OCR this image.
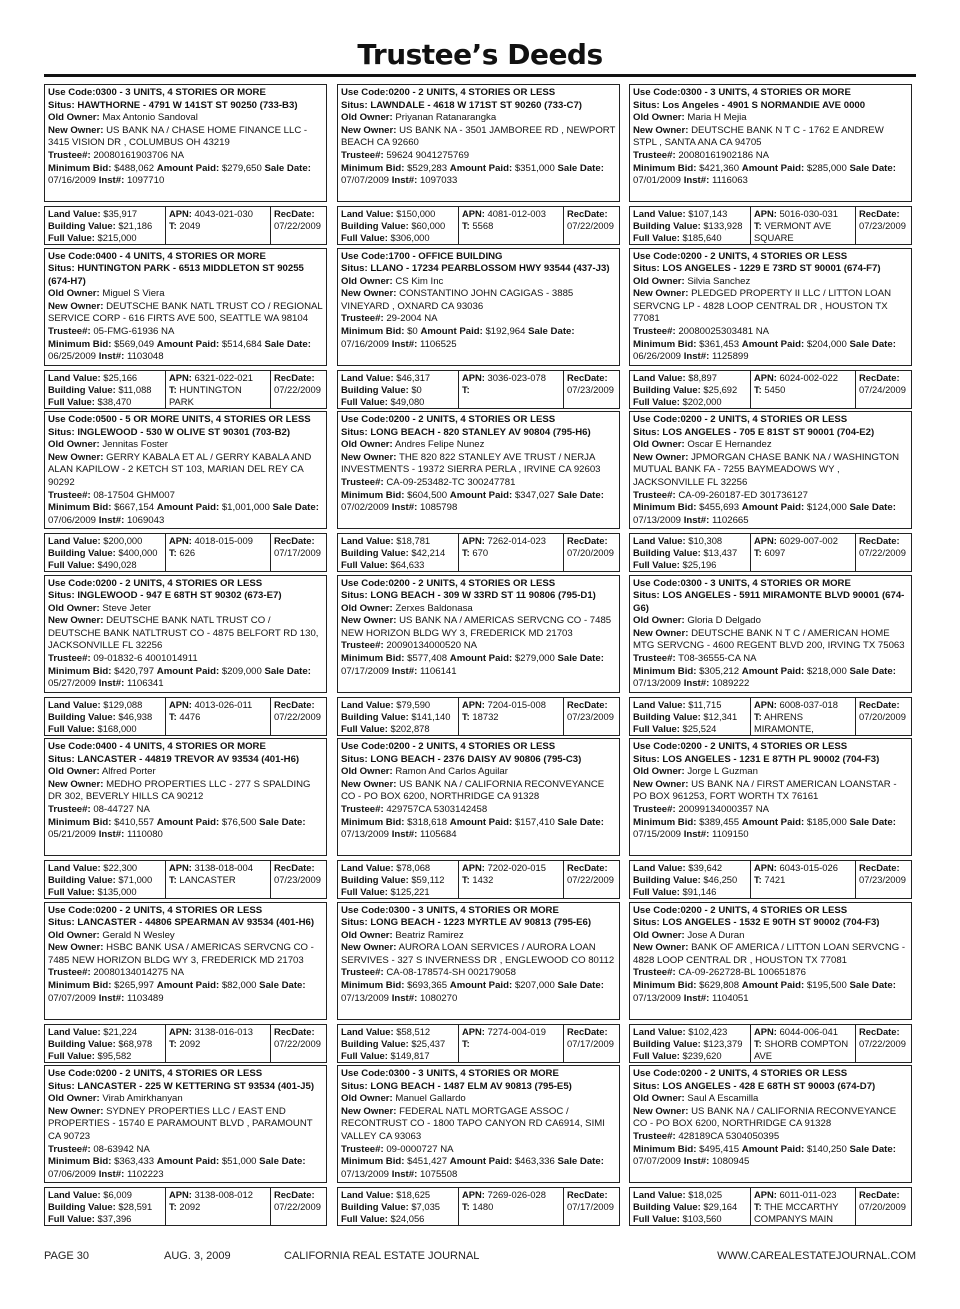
Trustee’s Deeds
Use Code:0300 - 3 UNITS, 4 STORIES OR MORE
Situs: HAWTHORNE - 4791 W 141ST ST 90250 (733-B3)
Old Owner: Max Antonio Sandoval
New Owner: US BANK NA / CHASE HOME FINANCE LLC - 3415 VISION DR , COLUMBUS OH 43219
Trustee#: 20080161903706 NA
Minimum Bid: $488,062 Amount Paid: $279,650 Sale Date: 07/16/2009 Inst#: 1097710
Land Value: $35,917
Building Value: $21,186
Full Value: $215,000
APN: 4043-021-030
T: 2049
RecDate:
07/22/2009
Use Code:0400 - 4 UNITS, 4 STORIES OR MORE
Situs: HUNTINGTON PARK - 6513 MIDDLETON ST 90255 (674-H7)
Old Owner: Miguel S Viera
New Owner: DEUTSCHE BANK NATL TRUST CO / REGIONAL SERVICE CORP - 616 FIRTS AVE 500, SEATTLE WA 98104
Trustee#: 05-FMG-61936 NA
Minimum Bid: $569,049 Amount Paid: $514,684 Sale Date: 06/25/2009 Inst#: 1103048
Land Value: $25,166
Building Value: $11,088
Full Value: $38,470
APN: 6321-022-021
T: HUNTINGTON PARK
RecDate:
07/22/2009
Use Code:0500 - 5 OR MORE UNITS, 4 STORIES OR LESS
Situs: INGLEWOOD - 530 W OLIVE ST 90301 (703-B2)
Old Owner: Jennitas Foster
New Owner: GERRY KABALA ET AL / GERRY KABALA AND ALAN KAPILOW - 2 KETCH ST 103, MARIAN DEL REY CA 90292
Trustee#: 08-17504 GHM007
Minimum Bid: $667,154 Amount Paid: $1,001,000 Sale Date: 07/06/2009 Inst#: 1069043
Land Value: $200,000
Building Value: $400,000
Full Value: $490,028
APN: 4018-015-009
T: 626
RecDate:
07/17/2009
Use Code:0200 - 2 UNITS, 4 STORIES OR LESS
Situs: INGLEWOOD - 947 E 68TH ST 90302 (673-E7)
Old Owner: Steve Jeter
New Owner: DEUTSCHE BANK NATL TRUST CO / DEUTSCHE BANK NATLTRUST CO - 4875 BELFORT RD 130, JACKSONVILLE FL 32256
Trustee#: 09-01832-6 4001014911
Minimum Bid: $420,797 Amount Paid: $209,000 Sale Date: 05/27/2009 Inst#: 1106341
Land Value: $129,088
Building Value: $46,938
Full Value: $168,000
APN: 4013-026-011
T: 4476
RecDate:
07/22/2009
Use Code:0400 - 4 UNITS, 4 STORIES OR MORE
Situs: LANCASTER - 44819 TREVOR AV 93534 (401-H6)
Old Owner: Alfred Porter
New Owner: MEDHO PROPERTIES LLC - 277 S SPALDING DR 302, BEVERLY HILLS CA 90212
Trustee#: 08-44727 NA
Minimum Bid: $410,557 Amount Paid: $76,500 Sale Date: 05/21/2009 Inst#: 1110080
Land Value: $22,300
Building Value: $71,000
Full Value: $135,000
APN: 3138-018-004
T: LANCASTER
RecDate:
07/23/2009
Use Code:0200 - 2 UNITS, 4 STORIES OR LESS
Situs: LANCASTER - 44806 SPEARMAN AV 93534 (401-H6)
Old Owner: Gerald N Wesley
New Owner: HSBC BANK USA / AMERICAS SERVCNG CO - 7485 NEW HORIZON BLDG WY 3, FREDERICK MD 21703
Trustee#: 20080134014275 NA
Minimum Bid: $265,997 Amount Paid: $82,000 Sale Date: 07/07/2009 Inst#: 1103489
Land Value: $21,224
Building Value: $68,978
Full Value: $95,582
APN: 3138-016-013
T: 2092
RecDate:
07/22/2009
Use Code:0200 - 2 UNITS, 4 STORIES OR LESS
Situs: LANCASTER - 225 W KETTERING ST 93534 (401-J5)
Old Owner: Virab Amirkhanyan
New Owner: SYDNEY PROPERTIES LLC / EAST END PROPERTIES - 15740 E PARAMOUNT BLVD , PARAMOUNT CA 90723
Trustee#: 08-63942 NA
Minimum Bid: $363,433 Amount Paid: $51,000 Sale Date: 07/06/2009 Inst#: 1102223
Land Value: $6,009
Building Value: $28,591
Full Value: $37,396
APN: 3138-008-012
T: 2092
RecDate:
07/22/2009
Use Code:0200 - 2 UNITS, 4 STORIES OR LESS
Situs: LAWNDALE - 4618 W 171ST ST 90260 (733-C7)
Old Owner: Priyanan Ratanarangka
New Owner: US BANK NA - 3501 JAMBOREE RD , NEWPORT BEACH CA 92660
Trustee#: 59624 9041275769
Minimum Bid: $529,283 Amount Paid: $351,000 Sale Date: 07/07/2009 Inst#: 1097033
Land Value: $150,000
Building Value: $60,000
Full Value: $306,000
APN: 4081-012-003
T: 5568
RecDate:
07/22/2009
Use Code:1700 - OFFICE BUILDING
Situs: LLANO - 17234 PEARBLOSSOM HWY 93544 (437-J3)
Old Owner: CS Kim Inc
New Owner: CONSTANTINO JOHN CAGIGAS - 3885 VINEYARD , OXNARD CA 93036
Trustee#: 29-2004 NA
Minimum Bid: $0 Amount Paid: $192,964 Sale Date: 07/16/2009 Inst#: 1106525
Land Value: $46,317
Building Value: $0
Full Value: $49,080
APN: 3036-023-078
T:
RecDate:
07/23/2009
Use Code:0200 - 2 UNITS, 4 STORIES OR LESS
Situs: LONG BEACH - 820 STANLEY AV 90804 (795-H6)
Old Owner: Andres Felipe Nunez
New Owner: THE 820 822 STANLEY AVE TRUST / NERJA INVESTMENTS - 19372 SIERRA PERLA , IRVINE CA 92603
Trustee#: CA-09-253482-TC 300247781
Minimum Bid: $604,500 Amount Paid: $347,027 Sale Date: 07/02/2009 Inst#: 1085798
Land Value: $18,781
Building Value: $42,214
Full Value: $64,633
APN: 7262-014-023
T: 670
RecDate:
07/20/2009
Use Code:0200 - 2 UNITS, 4 STORIES OR LESS
Situs: LONG BEACH - 309 W 33RD ST 11 90806 (795-D1)
Old Owner: Zerxes Baldonasa
New Owner: US BANK NA / AMERICAS SERVCNG CO - 7485 NEW HORIZON BLDG WY 3, FREDERICK MD 21703
Trustee#: 20090134000520 NA
Minimum Bid: $577,408 Amount Paid: $279,000 Sale Date: 07/17/2009 Inst#: 1106141
Land Value: $79,590
Building Value: $141,140
Full Value: $202,878
APN: 7204-015-008
T: 18732
RecDate:
07/23/2009
Use Code:0200 - 2 UNITS, 4 STORIES OR LESS
Situs: LONG BEACH - 2376 DAISY AV 90806 (795-C3)
Old Owner: Ramon And Carlos Aguilar
New Owner: US BANK NA / CALIFORNIA RECONVEYANCE CO - PO BOX 6200, NORTHRIDGE CA 91328
Trustee#: 429757CA 5303142458
Minimum Bid: $318,618 Amount Paid: $157,410 Sale Date: 07/13/2009 Inst#: 1105684
Land Value: $78,068
Building Value: $59,112
Full Value: $125,221
APN: 7202-020-015
T: 1432
RecDate:
07/22/2009
Use Code:0300 - 3 UNITS, 4 STORIES OR MORE
Situs: LONG BEACH - 1223 MYRTLE AV 90813 (795-E6)
Old Owner: Beatriz Ramirez
New Owner: AURORA LOAN SERVICES / AURORA LOAN SERVIVES - 327 S INVERNESS DR , ENGLEWOOD CO 80112
Trustee#: CA-08-178574-SH 002179058
Minimum Bid: $693,365 Amount Paid: $207,000 Sale Date: 07/13/2009 Inst#: 1080270
Land Value: $58,512
Building Value: $25,437
Full Value: $149,817
APN: 7274-004-019
T:
RecDate:
07/17/2009
Use Code:0300 - 3 UNITS, 4 STORIES OR MORE
Situs: LONG BEACH - 1487 ELM AV 90813 (795-E5)
Old Owner: Manuel Gallardo
New Owner: FEDERAL NATL MORTGAGE ASSOC / RECONTRUST CO - 1800 TAPO CANYON RD CA6914, SIMI VALLEY CA 93063
Trustee#: 09-0000727 NA
Minimum Bid: $451,427 Amount Paid: $463,336 Sale Date: 07/13/2009 Inst#: 1075508
Land Value: $18,625
Building Value: $7,035
Full Value: $24,056
APN: 7269-026-028
T: 1480
RecDate:
07/17/2009
Use Code:0300 - 3 UNITS, 4 STORIES OR MORE
Situs: Los Angeles - 4901 S NORMANDIE AVE 0000
Old Owner: Maria H Mejia
New Owner: DEUTSCHE BANK N T C - 1762 E ANDREW STPL , SANTA ANA CA 94705
Trustee#: 20080161902186 NA
Minimum Bid: $421,360 Amount Paid: $285,000 Sale Date: 07/01/2009 Inst#: 1116063
Land Value: $107,143
Building Value: $133,928
Full Value: $185,640
APN: 5016-030-031
T: VERMONT AVE SQUARE
RecDate:
07/23/2009
Use Code:0200 - 2 UNITS, 4 STORIES OR LESS
Situs: LOS ANGELES - 1229 E 73RD ST 90001 (674-F7)
Old Owner: Silvia Sanchez
New Owner: PLEDGED PROPERTY II LLC / LITTON LOAN SERVCNG LP - 4828 LOOP CENTRAL DR , HOUSTON TX 77081
Trustee#: 20080025303481 NA
Minimum Bid: $361,453 Amount Paid: $204,000 Sale Date: 06/26/2009 Inst#: 1125899
Land Value: $8,897
Building Value: $25,692
Full Value: $202,000
APN: 6024-002-022
T: 5450
RecDate:
07/24/2009
Use Code:0200 - 2 UNITS, 4 STORIES OR LESS
Situs: LOS ANGELES - 705 E 81ST ST 90001 (704-E2)
Old Owner: Oscar E Hernandez
New Owner: JPMORGAN CHASE BANK NA / WASHINGTON MUTUAL BANK FA - 7255 BAYMEADOWS WY , JACKSONVILLE FL 32256
Trustee#: CA-09-260187-ED 301736127
Minimum Bid: $455,693 Amount Paid: $124,000 Sale Date: 07/13/2009 Inst#: 1102665
Land Value: $10,308
Building Value: $13,437
Full Value: $25,196
APN: 6029-007-002
T: 6097
RecDate:
07/22/2009
Use Code:0300 - 3 UNITS, 4 STORIES OR MORE
Situs: LOS ANGELES - 5911 MIRAMONTE BLVD 90001 (674-G6)
Old Owner: Gloria D Delgado
New Owner: DEUTSCHE BANK N T C / AMERICAN HOME MTG SERVCNG - 4600 REGENT BLVD 200, IRVING TX 75063
Trustee#: T08-36555-CA NA
Minimum Bid: $305,212 Amount Paid: $218,000 Sale Date: 07/13/2009 Inst#: 1089222
Land Value: $11,715
Building Value: $12,341
Full Value: $25,524
APN: 6008-037-018
T: AHRENS MIRAMONTE,
RecDate:
07/20/2009
Use Code:0200 - 2 UNITS, 4 STORIES OR LESS
Situs: LOS ANGELES - 1231 E 87TH PL 90002 (704-F3)
Old Owner: Jorge L Guzman
New Owner: US BANK NA / FIRST AMERICAN LOANSTAR - PO BOX 961253, FORT WORTH TX 76161
Trustee#: 20099134000357 NA
Minimum Bid: $389,455 Amount Paid: $185,000 Sale Date: 07/15/2009 Inst#: 1109150
Land Value: $39,642
Building Value: $46,250
Full Value: $91,146
APN: 6043-015-026
T: 7421
RecDate:
07/23/2009
Use Code:0200 - 2 UNITS, 4 STORIES OR LESS
Situs: LOS ANGELES - 1532 E 90TH ST 90002 (704-F3)
Old Owner: Jose A Duran
New Owner: BANK OF AMERICA / LITTON LOAN SERVCNG - 4828 LOOP CENTRAL DR , HOUSTON TX 77081
Trustee#: CA-09-262728-BL 100651876
Minimum Bid: $629,808 Amount Paid: $195,500 Sale Date: 07/13/2009 Inst#: 1104051
Land Value: $102,423
Building Value: $123,379
Full Value: $239,620
APN: 6044-006-041
T: SHORB COMPTON AVE
RecDate:
07/22/2009
Use Code:0200 - 2 UNITS, 4 STORIES OR LESS
Situs: LOS ANGELES - 428 E 68TH ST 90003 (674-D7)
Old Owner: Saul A Escamilla
New Owner: US BANK NA / CALIFORNIA RECONVEYANCE CO - PO BOX 6200, NORTHRIDGE CA 91328
Trustee#: 428189CA 5304050395
Minimum Bid: $495,415 Amount Paid: $140,250 Sale Date: 07/07/2009 Inst#: 1080945
Land Value: $18,025
Building Value: $29,164
Full Value: $103,560
APN: 6011-011-023
T: THE MCCARTHY COMPANYS MAIN
RecDate:
07/20/2009
PAGE 30	AUG. 3, 2009	CALIFORNIA REAL ESTATE JOURNAL	WWW.CAREALESTATEJOURNAL.COM
